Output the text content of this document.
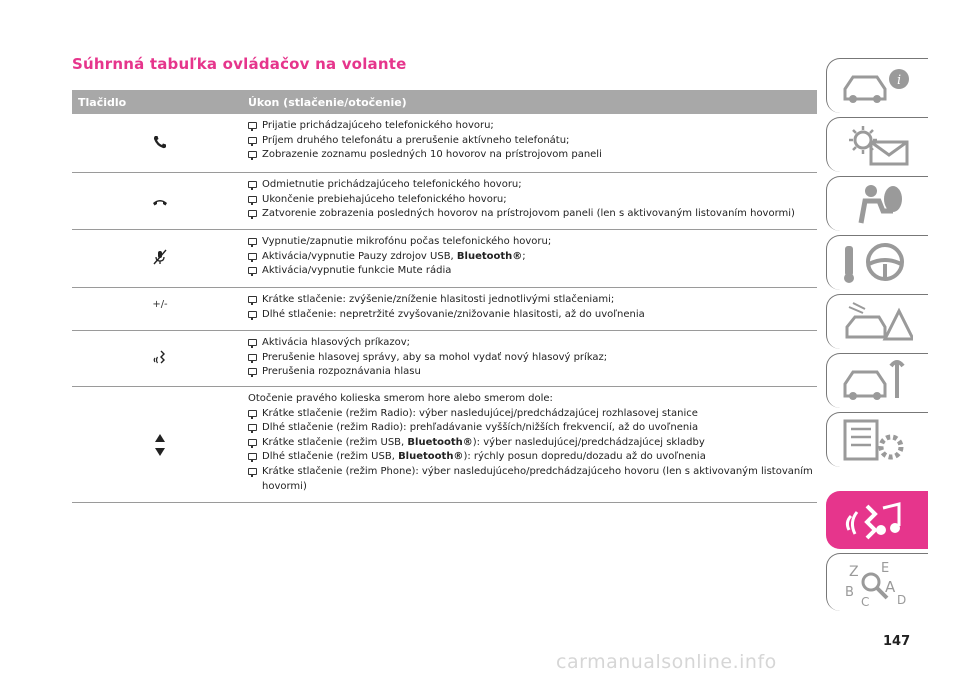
Súhrnná tabuľka ovládačov na volante
Tlačidlo	Úkon (stlačenie/otočenie)
Prijatie prichádzajúceho telefonického hovoru;
Príjem druhého telefonátu a prerušenie aktívneho telefonátu;
Zobrazenie zoznamu posledných 10 hovorov na prístrojovom paneli
Odmietnutie prichádzajúceho telefonického hovoru;
Ukončenie prebiehajúceho telefonického hovoru;
Zatvorenie zobrazenia posledných hovorov na prístrojovom paneli (len s aktivovaným listovaním hovormi)
Vypnutie/zapnutie mikrofónu počas telefonického hovoru;
Aktivácia/vypnutie Pauzy zdrojov USB, Bluetooth®;
Aktivácia/vypnutie funkcie Mute rádia
+/-	Krátke stlačenie: zvýšenie/zníženie hlasitosti jednotlivými stlačeniami;
Dlhé stlačenie: nepretržité zvyšovanie/znižovanie hlasitosti, až do uvoľnenia
Aktivácia hlasových príkazov;
Prerušenie hlasovej správy, aby sa mohol vydať nový hlasový príkaz;
Prerušenia rozpoznávania hlasu
Otočenie pravého kolieska smerom hore alebo smerom dole:
Krátke stlačenie (režim Radio): výber nasledujúcej/predchádzajúcej rozhlasovej stanice
Dlhé stlačenie (režim Radio): prehľadávanie vyšších/nižších frekvencií, až do uvoľnenia
Krátke stlačenie (režim USB, Bluetooth®): výber nasledujúcej/predchádzajúcej skladby
Dlhé stlačenie (režim USB, Bluetooth®): rýchly posun dopredu/dozadu až do uvoľnenia
Krátke stlačenie (režim Phone): výber nasledujúceho/predchádzajúceho hovoru (len s aktivovaným listovaním hovormi)
i
Z E
B A
C D
147
carmanualsonline.info
